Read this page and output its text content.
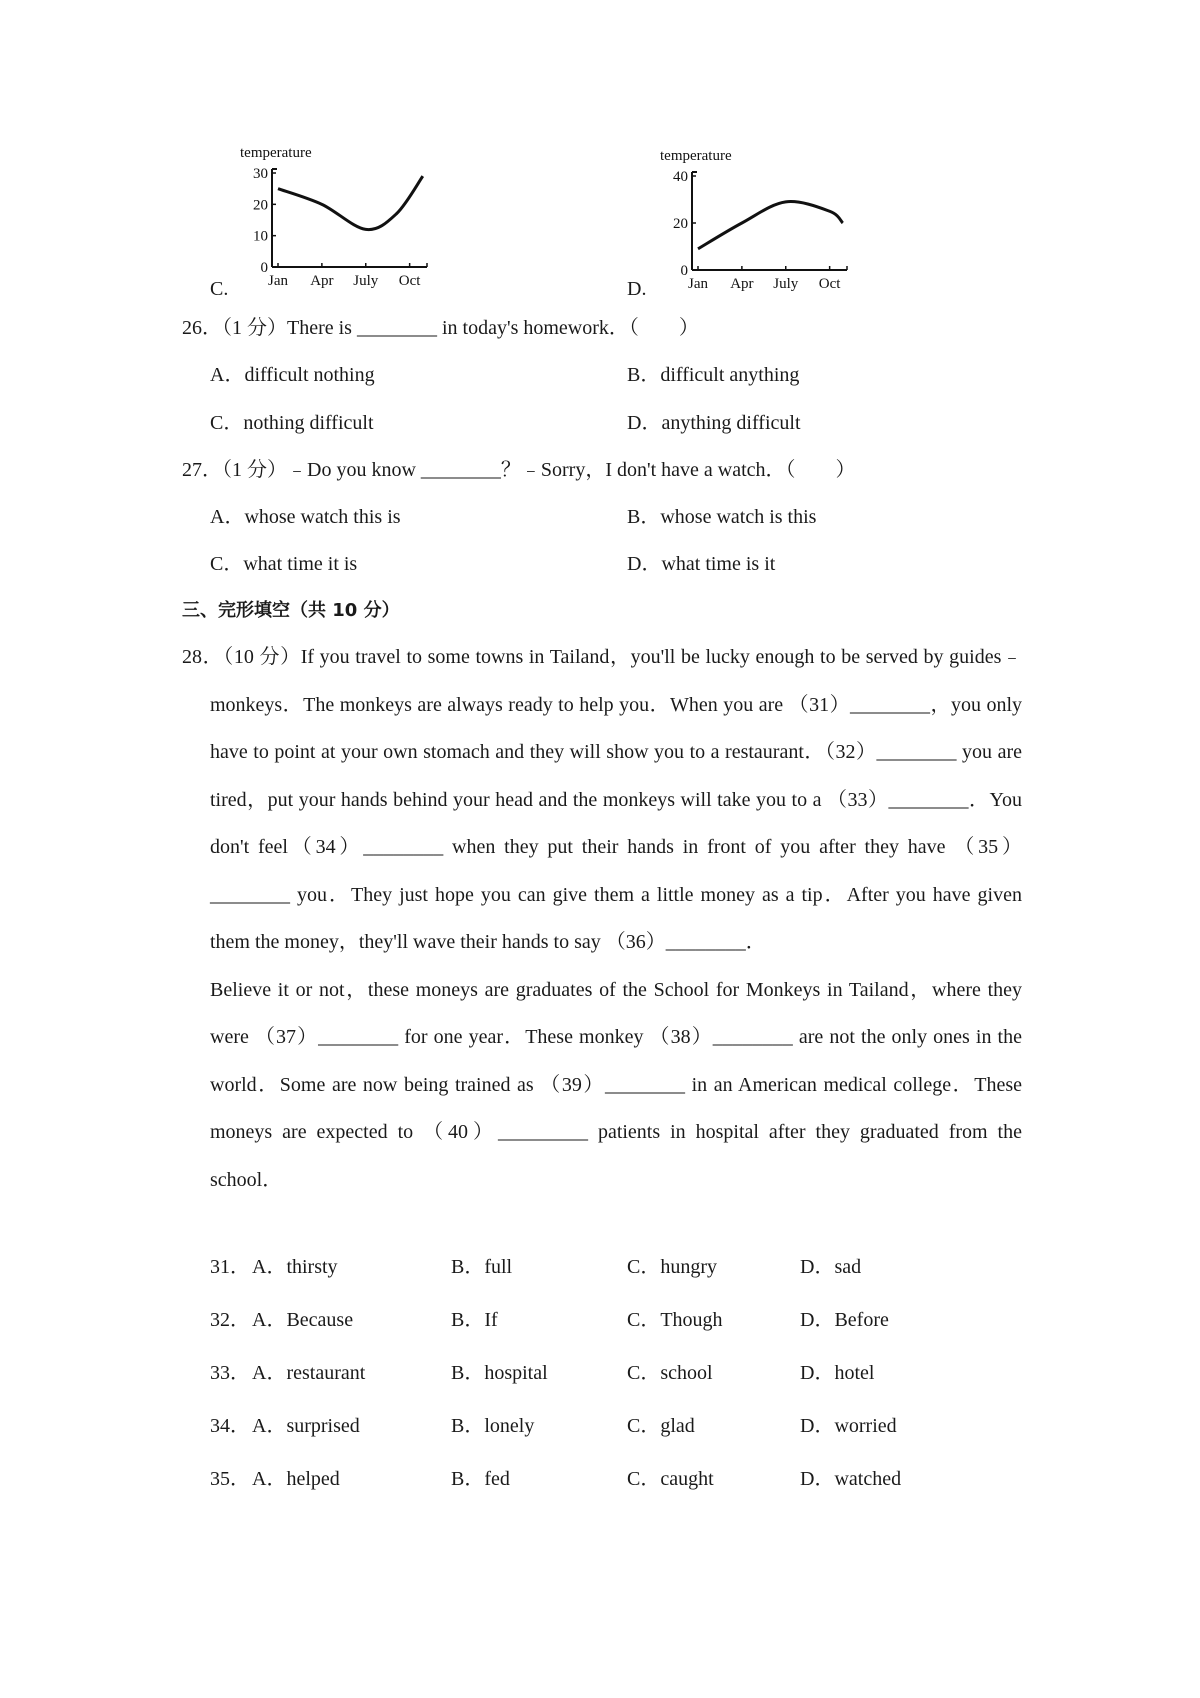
C.
temperature
0
10
20
30
Jan Apr July Oct	D.
temperature
0
20
40
Jan Apr July Oct
26．（1 分）There is ________ in today's homework．（　　）
A．difficult nothing	B．difficult anything
C．nothing difficult	D．anything difficult
27．（1 分）﹣Do you know ________？﹣Sorry，I don't have a watch．（　　）
A．whose watch this is	B．whose watch is this
C．what time it is	D．what time is it
三、完形填空（共 10 分）

28．（10 分）If you travel to some towns in Tailand，you'll be lucky enough to be served by guides﹣monkeys．The monkeys are always ready to help you．When you are （31）________，you only have to point at your own stomach and they will show you to a restaurant．（32）________ you are tired，put your hands behind your head and the monkeys will take you to a （33）________．You don't feel（34）________ when they put their hands in front of you after they have （35）________ you．They just hope you can give them a little money as a tip．After you have given them the money，they'll wave their hands to say （36）________．

Believe it or not，these moneys are graduates of the School for Monkeys in Tailand，where they were （37）________ for one year．These monkey （38）________ are not the only ones in the world．Some are now being trained as （39）________ in an American medical college．These moneys are expected to （40）_________ patients in hospital after they graduated from the school．

31． A．thirsty	B．full	C．hungry	D．sad
32． A．Because	B．If	C．Though	D．Before
33． A．restaurant	B．hospital	C．school	D．hotel
34． A．surprised	B．lonely	C．glad	D．worried
35． A．helped	B．fed	C．caught	D．watched
